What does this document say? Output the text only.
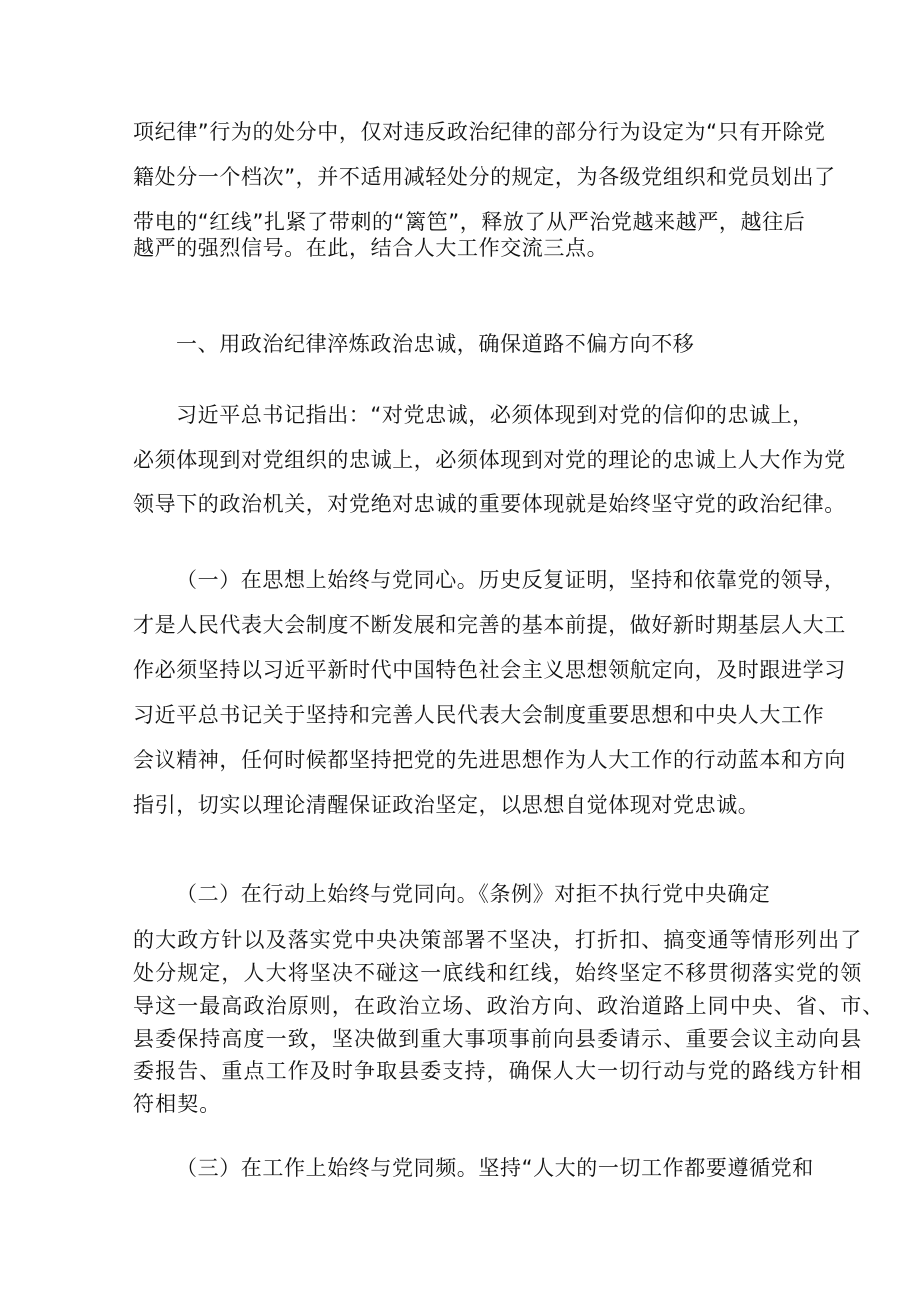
项纪律”行为的处分中，仅对违反政治纪律的部分行为设定为“只有开除党
籍处分一个档次”，并不适用减轻处分的规定，为各级党组织和党员划出了
带电的“红线”扎紧了带刺的“篱笆”，释放了从严治党越来越严，越往后
越严的强烈信号。在此，结合人大工作交流三点。
一、用政治纪律淬炼政治忠诚，确保道路不偏方向不移
习近平总书记指出：“对党忠诚，必须体现到对党的信仰的忠诚上，
必须体现到对党组织的忠诚上，必须体现到对党的理论的忠诚上人大作为党
领导下的政治机关，对党绝对忠诚的重要体现就是始终坚守党的政治纪律。
（一）在思想上始终与党同心。历史反复证明，坚持和依靠党的领导，
才是人民代表大会制度不断发展和完善的基本前提，做好新时期基层人大工
作必须坚持以习近平新时代中国特色社会主义思想领航定向，及时跟进学习
习近平总书记关于坚持和完善人民代表大会制度重要思想和中央人大工作
会议精神，任何时候都坚持把党的先进思想作为人大工作的行动蓝本和方向
指引，切实以理论清醒保证政治坚定，以思想自觉体现对党忠诚。
（二）在行动上始终与党同向。《条例》对拒不执行党中央确定
的大政方针以及落实党中央决策部署不坚决，打折扣、搞变通等情形列出了
处分规定，人大将坚决不碰这一底线和红线，始终坚定不移贯彻落实党的领
导这一最高政治原则，在政治立场、政治方向、政治道路上同中央、省、市、
县委保持高度一致，坚决做到重大事项事前向县委请示、重要会议主动向县
委报告、重点工作及时争取县委支持，确保人大一切行动与党的路线方针相
符相契。
（三）在工作上始终与党同频。坚持“人大的一切工作都要遵循党和
